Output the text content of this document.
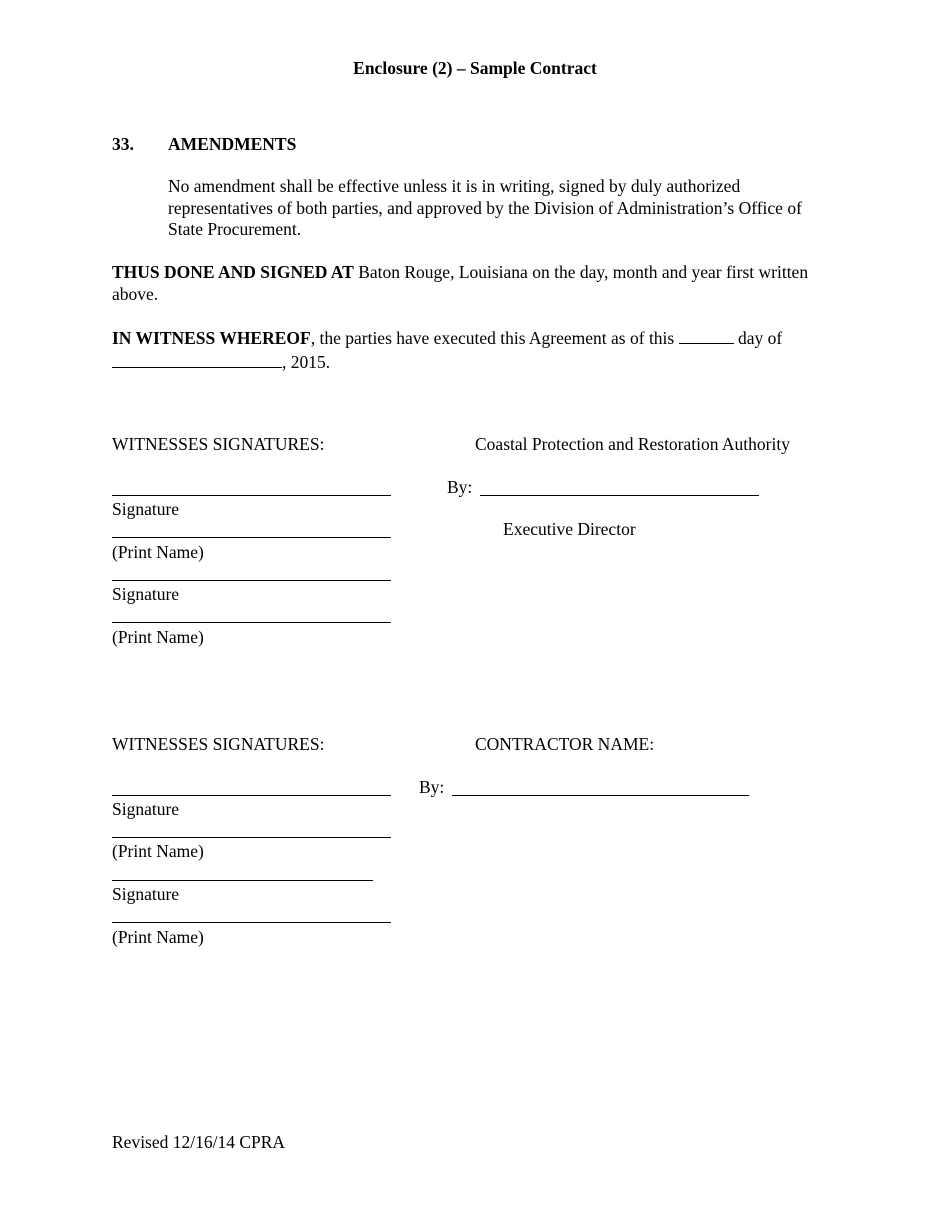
Enclosure (2) – Sample Contract
33. AMENDMENTS
No amendment shall be effective unless it is in writing, signed by duly authorized representatives of both parties, and approved by the Division of Administration’s Office of State Procurement.
THUS DONE AND SIGNED AT Baton Rouge, Louisiana on the day, month and year first written above.
IN WITNESS WHEREOF, the parties have executed this Agreement as of this	day of
, 2015.
WITNESSES SIGNATURES:	Coastal Protection and Restoration Authority
By:
Signature
Executive Director
(Print Name)
Signature
(Print Name)
WITNESSES SIGNATURES:	CONTRACTOR NAME:
By:
Signature
(Print Name)
Signature
(Print Name)
Revised 12/16/14 CPRA
